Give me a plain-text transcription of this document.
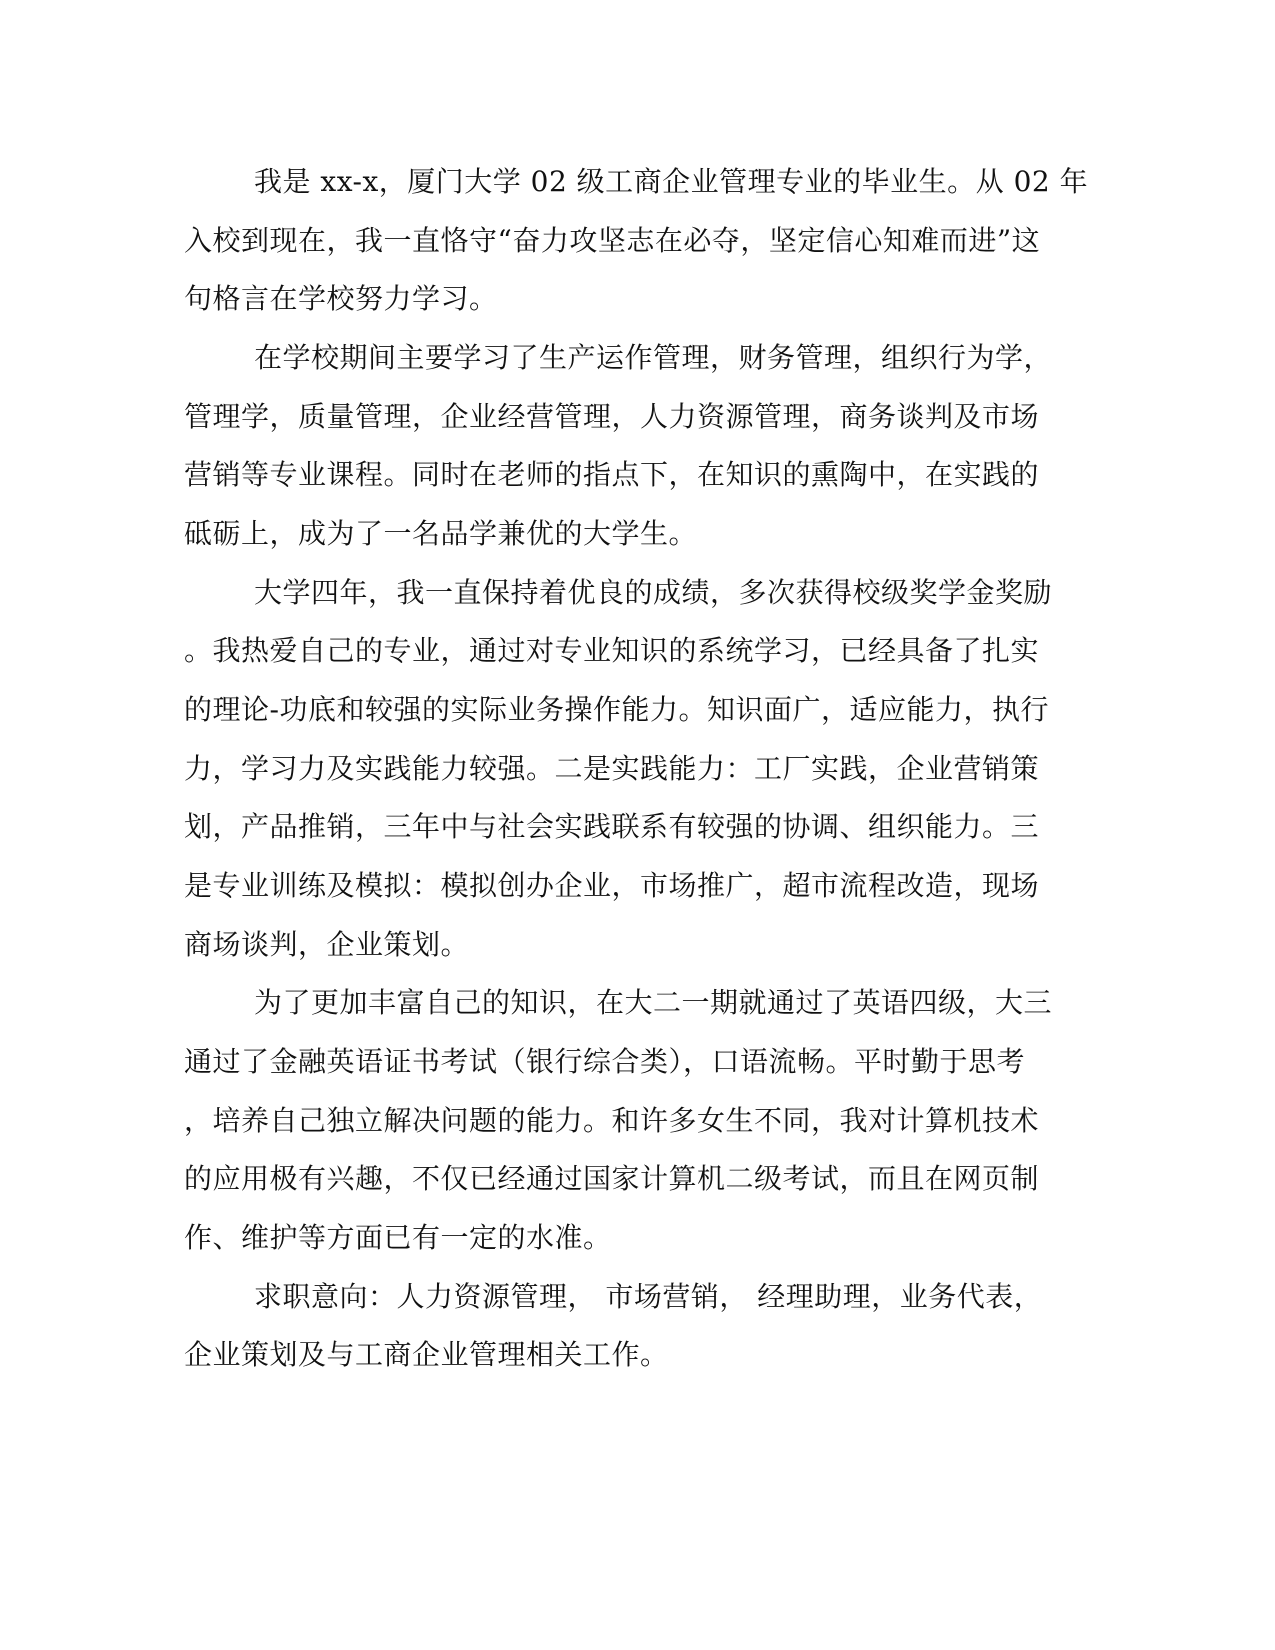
我是 xx-x，厦门大学 02 级工商企业管理专业的毕业生。从 02 年
入校到现在，我一直恪守“奋力攻坚志在必夺，坚定信心知难而进”这
句格言在学校努力学习。
在学校期间主要学习了生产运作管理，财务管理，组织行为学，
管理学，质量管理，企业经营管理，人力资源管理，商务谈判及市场
营销等专业课程。同时在老师的指点下，在知识的熏陶中，在实践的
砥砺上，成为了一名品学兼优的大学生。
大学四年，我一直保持着优良的成绩，多次获得校级奖学金奖励
。我热爱自己的专业，通过对专业知识的系统学习，已经具备了扎实
的理论-功底和较强的实际业务操作能力。知识面广，适应能力，执行
力，学习力及实践能力较强。二是实践能力：工厂实践，企业营销策
划，产品推销，三年中与社会实践联系有较强的协调、组织能力。三
是专业训练及模拟：模拟创办企业，市场推广，超市流程改造，现场
商场谈判，企业策划。
为了更加丰富自己的知识，在大二一期就通过了英语四级，大三
通过了金融英语证书考试（银行综合类），口语流畅。平时勤于思考
，培养自己独立解决问题的能力。和许多女生不同，我对计算机技术
的应用极有兴趣，不仅已经通过国家计算机二级考试，而且在网页制
作、维护等方面已有一定的水准。
求职意向：人力资源管理， 市场营销， 经理助理，业务代表，
企业策划及与工商企业管理相关工作。
